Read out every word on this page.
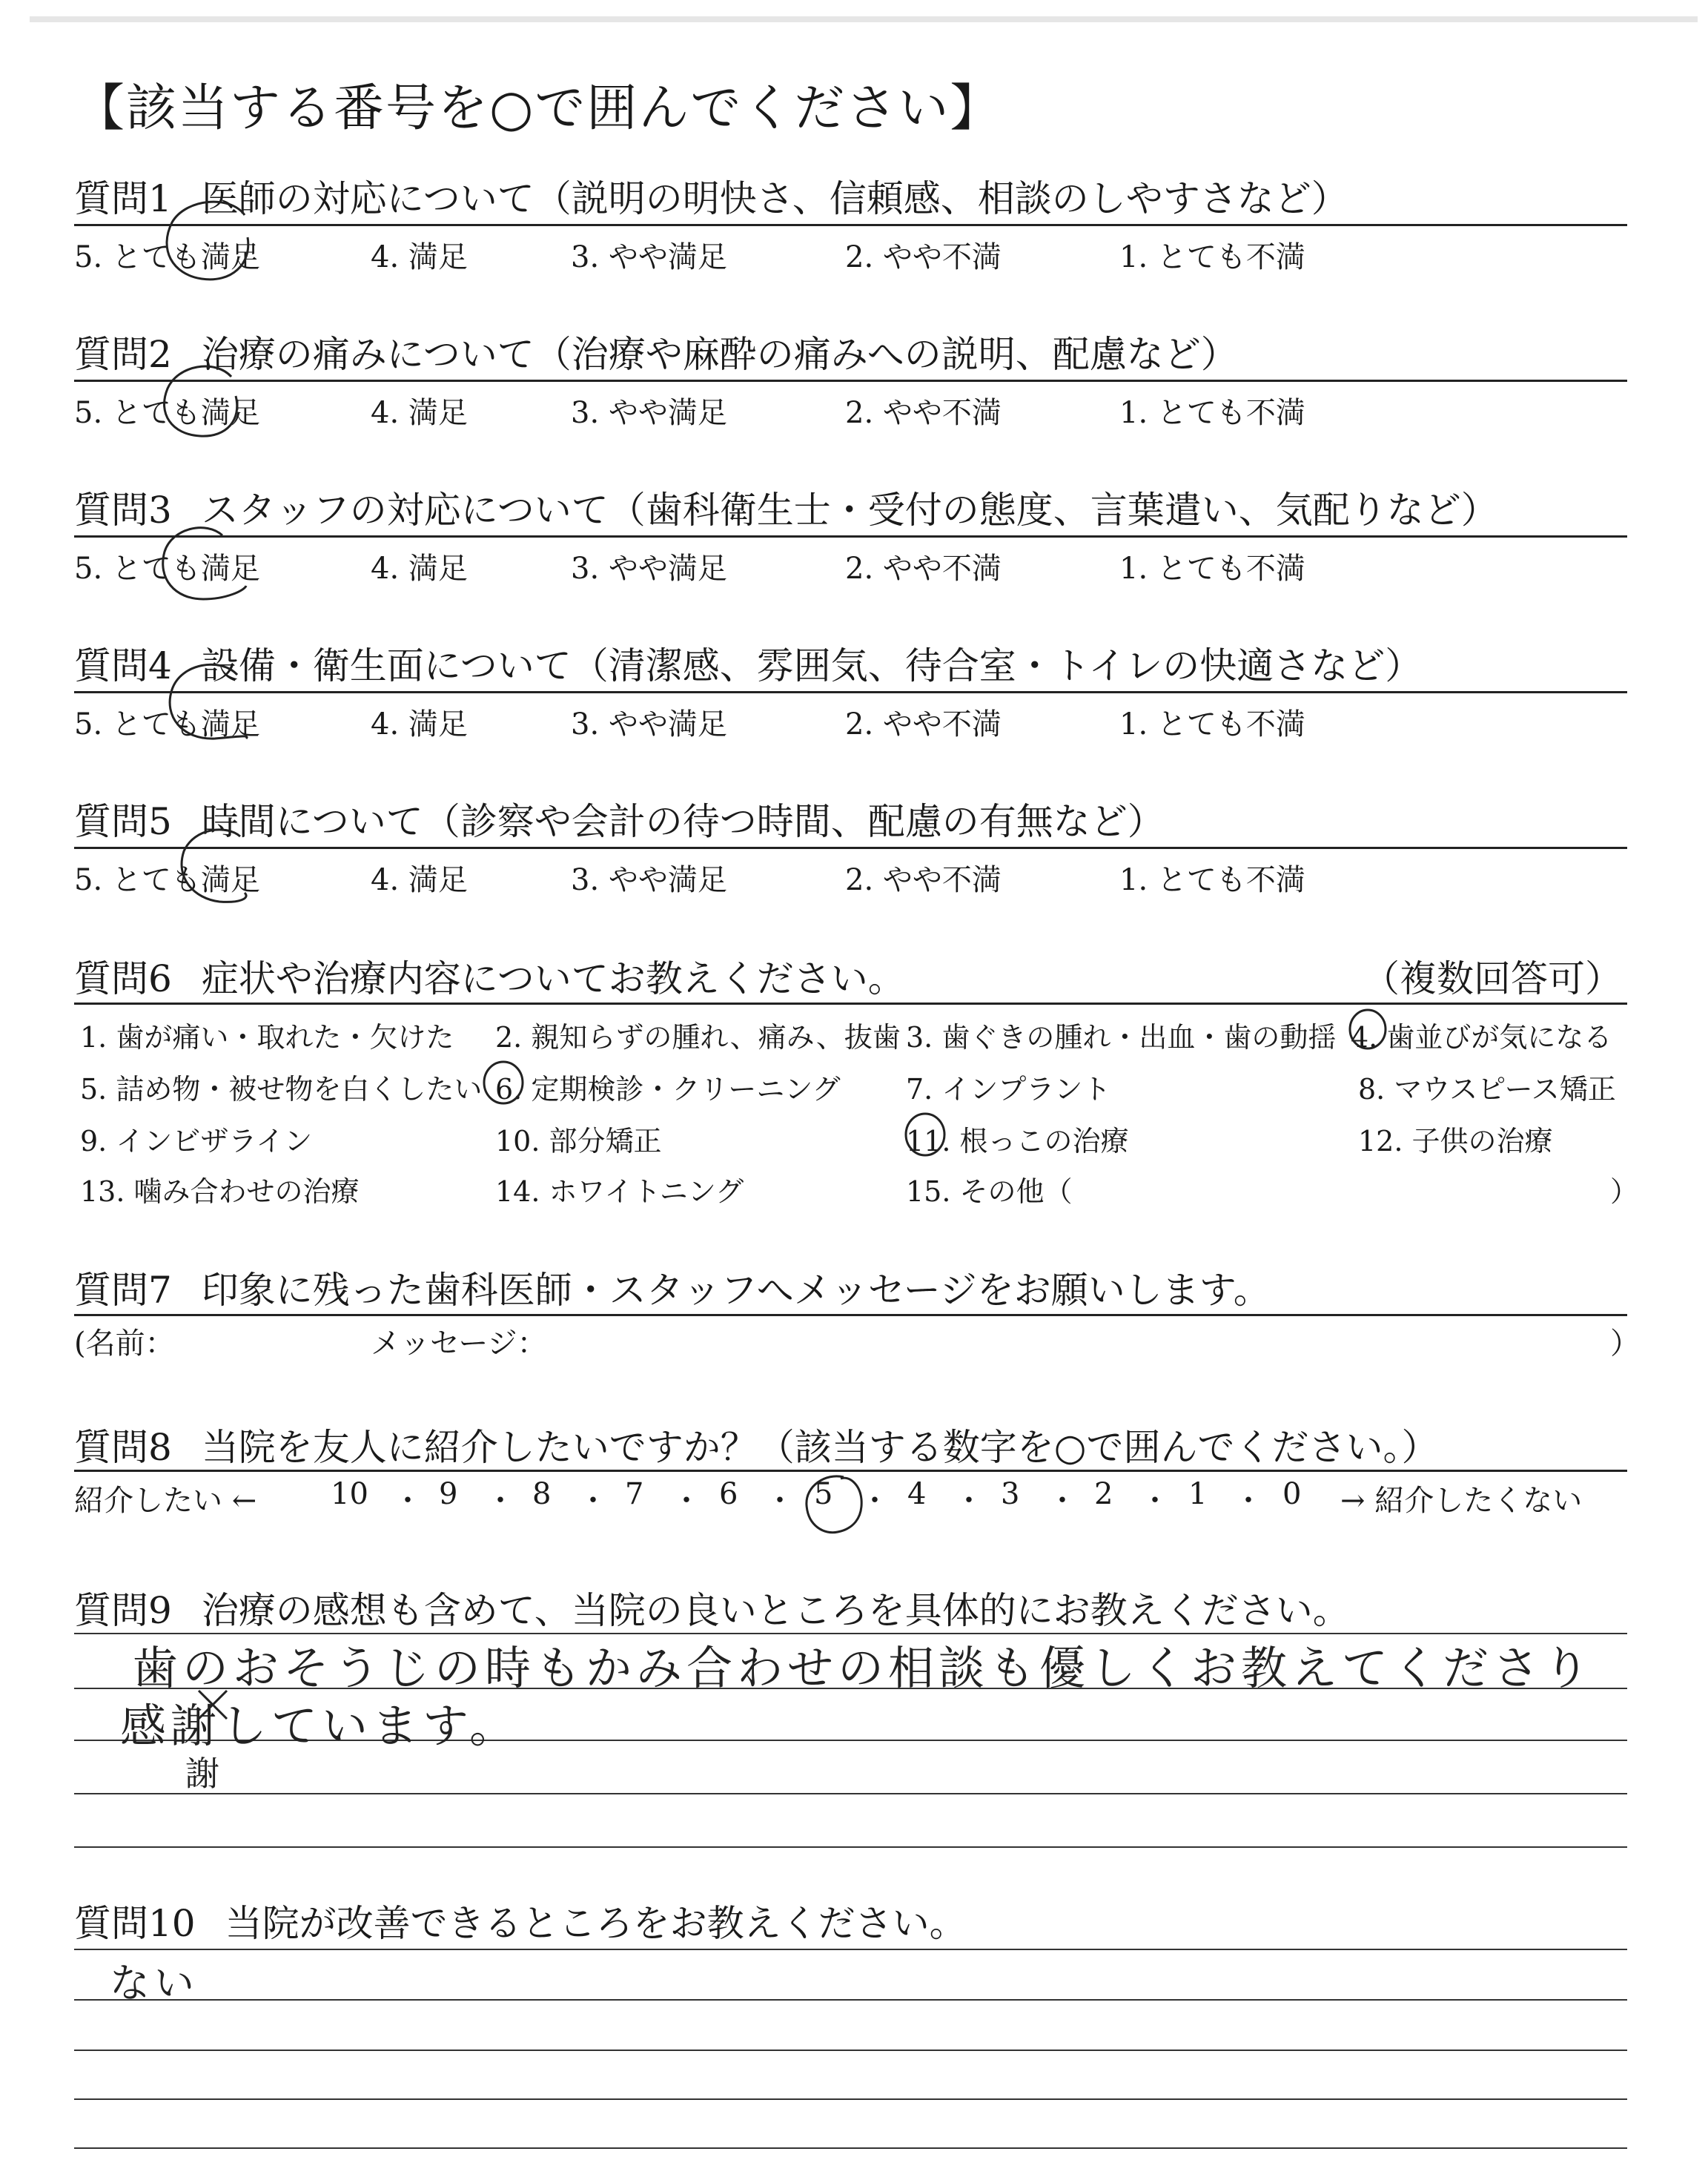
【該当する番号を○で囲んでください】
質問1 医師の対応について（説明の明快さ、信頼感、相談のしやすさなど）
5. とても満足	4. 満足	3. やや満足	2. やや不満	1. とても不満
質問2 治療の痛みについて（治療や麻酔の痛みへの説明、配慮など）
5. とても満足	4. 満足	3. やや満足	2. やや不満	1. とても不満
質問3 スタッフの対応について（歯科衛生士・受付の態度、言葉遣い、気配りなど）
5. とても満足	4. 満足	3. やや満足	2. やや不満	1. とても不満
質問4 設備・衛生面について（清潔感、雰囲気、待合室・トイレの快適さなど）
5. とても満足	4. 満足	3. やや満足	2. やや不満	1. とても不満
質問5 時間について（診察や会計の待つ時間、配慮の有無など）
5. とても満足	4. 満足	3. やや満足	2. やや不満	1. とても不満
質問6 症状や治療内容についてお教えください。	（複数回答可）
1. 歯が痛い・取れた・欠けた 2. 親知らずの腫れ、痛み、抜歯 3. 歯ぐきの腫れ・出血・歯の動揺 4. 歯並びが気になる
5. 詰め物・被せ物を白くしたい 6. 定期検診・クリーニング 7. インプラント	8. マウスピース矯正
9. インビザライン	10. 部分矯正	11. 根っこの治療	12. 子供の治療
13. 噛み合わせの治療	14. ホワイトニング	15. その他（	）
質問7 印象に残った歯科医師・スタッフへメッセージをお願いします。
(名前：	メッセージ：	）
質問8 当院を友人に紹介したいですか？（該当する数字を○で囲んでください。）
紹介したい ← 10 ・ 9 ・ 8 ・ 7 ・ 6 ・ 5 ・ 4 ・ 3 ・ 2 ・ 1 ・ 0 → 紹介したくない
質問9 治療の感想も含めて、当院の良いところを具体的にお教えください。
歯のおそうじの時もかみ合わせの相談も優しくお教えてくださり
感謝しています。
謝
質問10 当院が改善できるところをお教えください。
ない
